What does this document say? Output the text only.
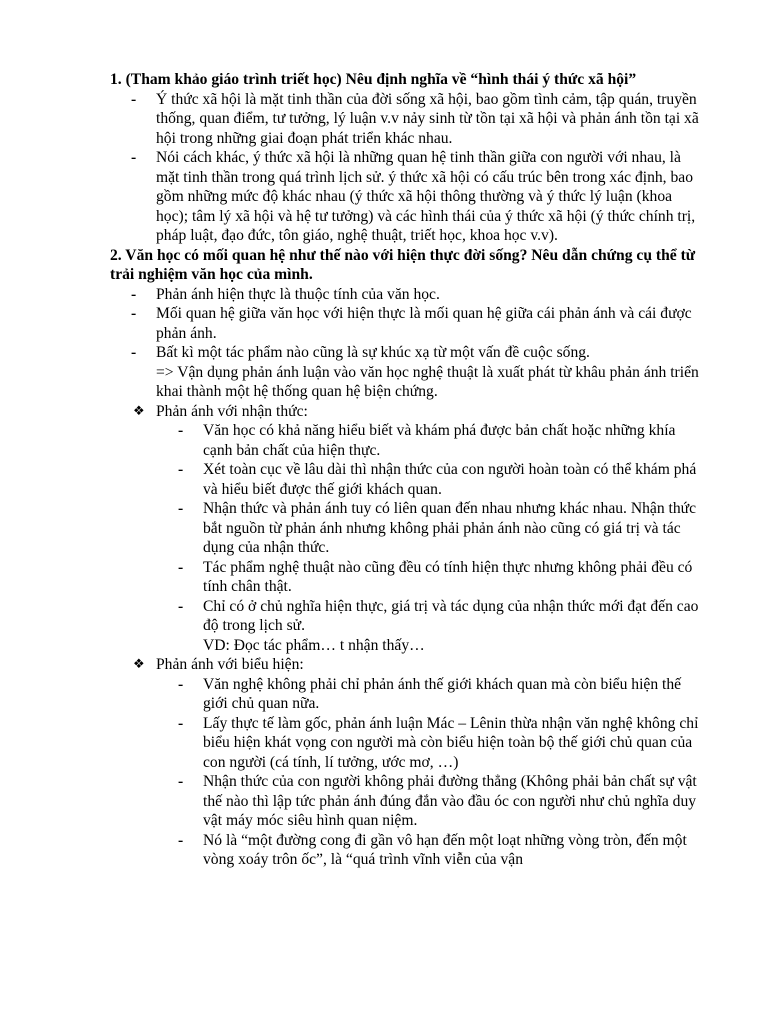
1. (Tham khảo giáo trình triết học) Nêu định nghĩa về “hình thái ý thức xã hội”

- Ý thức xã hội là mặt tinh thần của đời sống xã hội, bao gồm tình cảm, tập quán, truyền thống, quan điểm, tư tưởng, lý luận v.v nảy sinh từ tồn tại xã hội và phản ánh tồn tại xã hội trong những giai đoạn phát triển khác nhau.
- Nói cách khác, ý thức xã hội là những quan hệ tinh thần giữa con người với nhau, là mặt tinh thần trong quá trình lịch sử. ý thức xã hội có cấu trúc bên trong xác định, bao gồm những mức độ khác nhau (ý thức xã hội thông thường và ý thức lý luận (khoa học); tâm lý xã hội và hệ tư tưởng) và các hình thái của ý thức xã hội (ý thức chính trị, pháp luật, đạo đức, tôn giáo, nghệ thuật, triết học, khoa học v.v).

2. Văn học có mối quan hệ như thế nào với hiện thực đời sống? Nêu dẫn chứng cụ thể từ trải nghiệm văn học của mình.

- Phản ánh hiện thực là thuộc tính của văn học.
- Mối quan hệ giữa văn học với hiện thực là mối quan hệ giữa cái phản ánh và cái được phản ánh.
- Bất kì một tác phẩm nào cũng là sự khúc xạ từ một vấn đề cuộc sống.
=> Vận dụng phản ánh luận vào văn học nghệ thuật là xuất phát từ khâu phản ánh triển khai thành một hệ thống quan hệ biện chứng.
❖ Phản ánh với nhận thức:
- Văn học có khả năng hiểu biết và khám phá được bản chất hoặc những khía cạnh bản chất của hiện thực.
- Xét toàn cục về lâu dài thì nhận thức của con người hoàn toàn có thể khám phá và hiểu biết được thế giới khách quan.
- Nhận thức và phản ánh tuy có liên quan đến nhau nhưng khác nhau. Nhận thức bắt nguồn từ phản ánh nhưng không phải phản ánh nào cũng có giá trị và tác dụng của nhận thức.
- Tác phẩm nghệ thuật nào cũng đều có tính hiện thực nhưng không phải đều có tính chân thật.
- Chỉ có ở chủ nghĩa hiện thực, giá trị và tác dụng của nhận thức mới đạt đến cao độ trong lịch sử.
VD: Đọc tác phẩm… t nhận thấy…
❖ Phản ánh với biểu hiện:
- Văn nghệ không phải chỉ phản ánh thế giới khách quan mà còn biểu hiện thế giới chủ quan nữa.
- Lấy thực tế làm gốc, phản ánh luận Mác – Lênin thừa nhận văn nghệ không chỉ biểu hiện khát vọng con người mà còn biểu hiện toàn bộ thế giới chủ quan của con người (cá tính, lí tưởng, ước mơ, …)
- Nhận thức của con người không phải đường thẳng (Không phải bản chất sự vật thế nào thì lập tức phản ánh đúng đắn vào đầu óc con người như chủ nghĩa duy vật máy móc siêu hình quan niệm.
- Nó là “một đường cong đi gần vô hạn đến một loạt những vòng tròn, đến một vòng xoáy trôn ốc”, là “quá trình vĩnh viễn của vận
